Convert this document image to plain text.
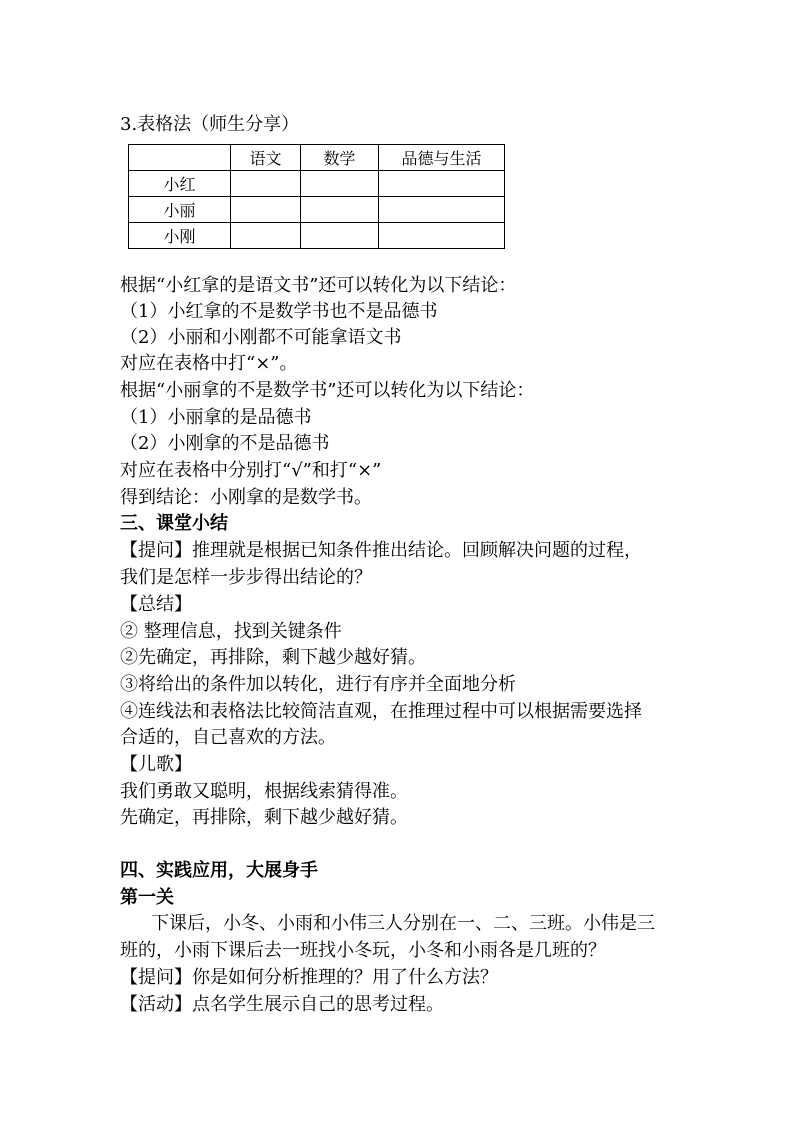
3.表格法（师生分享）

	语文	数学	品德与生活
小红			
小丽			
小刚			

根据“小红拿的是语文书”还可以转化为以下结论：

（1）小红拿的不是数学书也不是品德书

（2）小丽和小刚都不可能拿语文书

对应在表格中打“×”。

根据“小丽拿的不是数学书”还可以转化为以下结论：

（1）小丽拿的是品德书

（2）小刚拿的不是品德书

对应在表格中分别打“√”和打“×”

得到结论：小刚拿的是数学书。

三、课堂小结

【提问】推理就是根据已知条件推出结论。回顾解决问题的过程，

我们是怎样一步步得出结论的？

【总结】

② 整理信息，找到关键条件

②先确定，再排除，剩下越少越好猜。

③将给出的条件加以转化，进行有序并全面地分析

④连线法和表格法比较简洁直观，在推理过程中可以根据需要选择

合适的，自己喜欢的方法。

【儿歌】

我们勇敢又聪明，根据线索猜得准。

先确定，再排除，剩下越少越好猜。

四、实践应用，大展身手

第一关

下课后，小冬、小雨和小伟三人分别在一、二、三班。小伟是三

班的，小雨下课后去一班找小冬玩，小冬和小雨各是几班的？

【提问】你是如何分析推理的？用了什么方法？

【活动】点名学生展示自己的思考过程。
